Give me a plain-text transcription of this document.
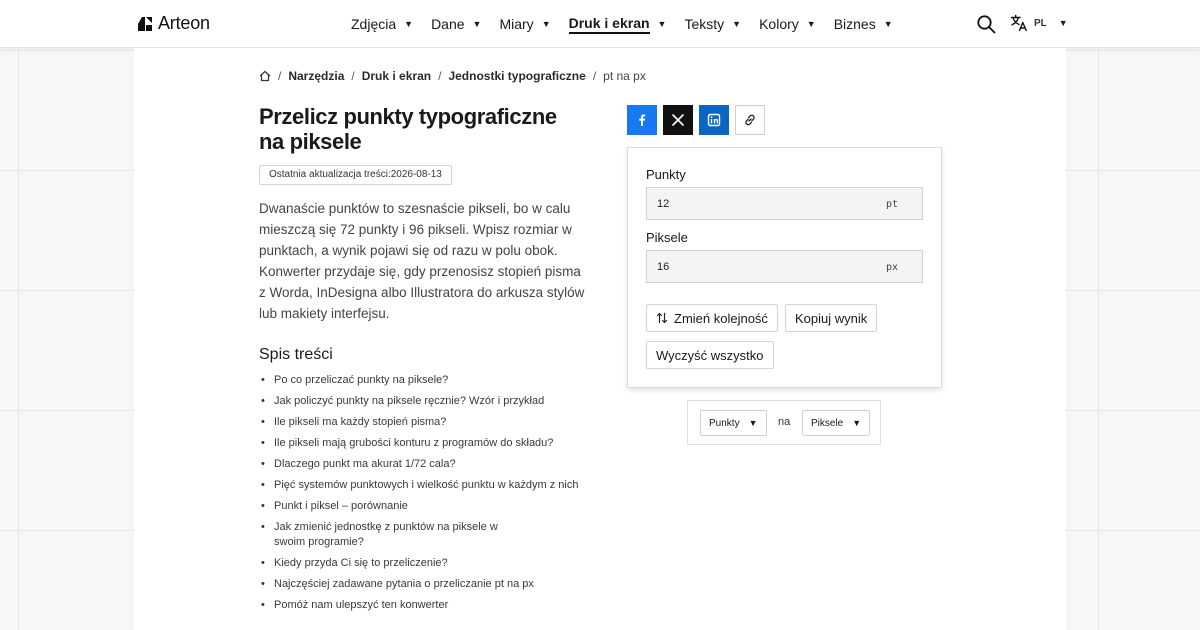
Arteon	Zdjęcia ▼ Dane ▼ Miary ▼ Druk i ekran ▼ Teksty ▼ Kolory ▼ Biznes ▼	PL ▼
/ Narzędzia / Druk i ekran / Jednostki typograficzne / pt na px
Przelicz punkty typograficzne na piksele
Ostatnia aktualizacja treści:2026-08-13

Dwanaście punktów to szesnaście pikseli, bo w calu mieszczą się 72 punkty i 96 pikseli. Wpisz rozmiar w punktach, a wynik pojawi się od razu w polu obok. Konwerter przydaje się, gdy przenosisz stopień pisma z Worda, InDesigna albo Illustratora do arkusza stylów lub makiety interfejsu.

Spis treści
• Po co przeliczać punkty na piksele?
• Jak policzyć punkty na piksele ręcznie? Wzór i przykład
• Ile pikseli ma każdy stopień pisma?
• Ile pikseli mają grubości konturu z programów do składu?
• Dlaczego punkt ma akurat 1/72 cala?
• Pięć systemów punktowych i wielkość punktu w każdym z nich
• Punkt i piksel – porównanie
• Jak zmienić jednostkę z punktów na piksele w swoim programie?
• Kiedy przyda Ci się to przeliczenie?
• Najczęściej zadawane pytania o przeliczanie pt na px
• Pomóż nam ulepszyć ten konwerter
Punkty
12
pt
Piksele
16
px
Zmień kolejność Kopiuj wynik
Wyczyść wszystko
Punkty ▼ na Piksele ▼
